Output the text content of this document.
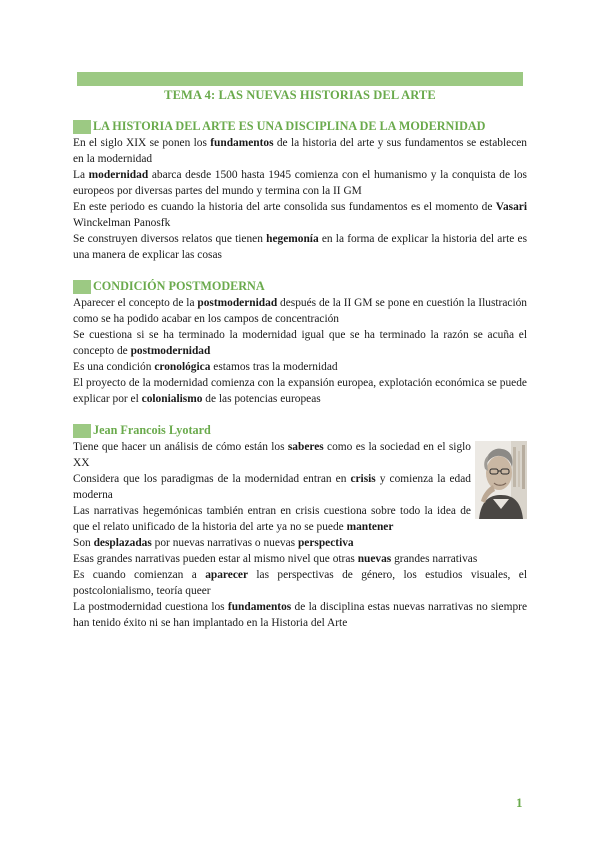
TEMA 4: LAS NUEVAS HISTORIAS DEL ARTE
LA HISTORIA DEL ARTE ES UNA DISCIPLINA DE LA MODERNIDAD

En el siglo XIX se ponen los fundamentos de la historia del arte y sus fundamentos se establecen en la modernidad

La modernidad abarca desde 1500 hasta 1945 comienza con el humanismo y la conquista de los europeos por diversas partes del mundo y termina con la II GM

En este periodo es cuando la historia del arte consolida sus fundamentos es el momento de Vasari Winckelman Panosfk

Se construyen diversos relatos que tienen hegemonía en la forma de explicar la historia del arte es una manera de explicar las cosas

CONDICIÓN POSTMODERNA

Aparecer el concepto de la postmodernidad después de la II GM se pone en cuestión la Ilustración como se ha podido acabar en los campos de concentración

Se cuestiona si se ha terminado la modernidad igual que se ha terminado la razón se acuña el concepto de postmodernidad

Es una condición cronológica estamos tras la modernidad

El proyecto de la modernidad comienza con la expansión europea, explotación económica se puede explicar por el colonialismo de las potencias europeas

Jean Francois Lyotard

Tiene que hacer un análisis de cómo están los saberes como es la sociedad en el siglo XX

Considera que los paradigmas de la modernidad entran en crisis y comienza la edad moderna

Las narrativas hegemónicas también entran en crisis cuestiona sobre todo la idea de que el relato unificado de la historia del arte ya no se puede mantener

Son desplazadas por nuevas narrativas o nuevas perspectiva

Esas grandes narrativas pueden estar al mismo nivel que otras nuevas grandes narrativas

Es cuando comienzan a aparecer las perspectivas de género, los estudios visuales, el postcolonialismo, teoría queer

La postmodernidad cuestiona los fundamentos de la disciplina estas nuevas narrativas no siempre han tenido éxito ni se han implantado en la Historia del Arte

1
